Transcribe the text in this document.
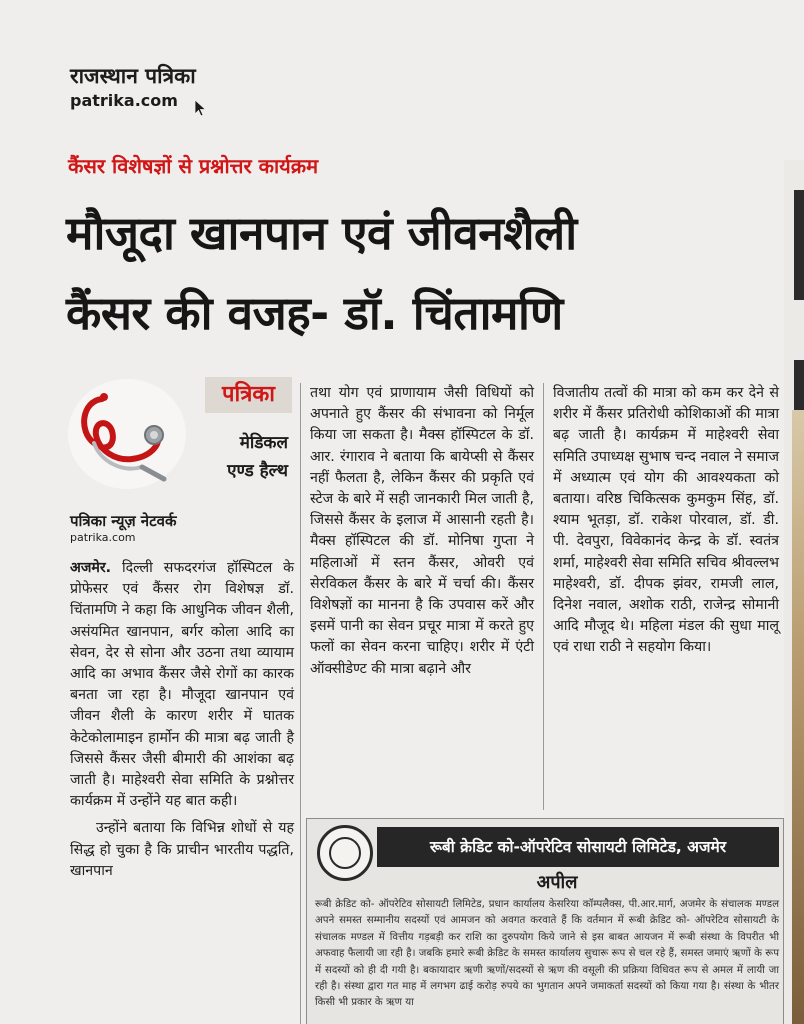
राजस्थान पत्रिका
patrika.com
कैंसर विशेषज्ञों से प्रश्नोत्तर कार्यक्रम
मौजूदा खानपान एवं जीवनशैली
कैंसर की वजह- डॉ. चिंतामणि
पत्रिका
मेडिकल
एण्ड हैल्थ
पत्रिका न्यूज़ नेटवर्क
patrika.com

अजमेर. दिल्ली सफदरगंज हॉस्पिटल के प्रोफेसर एवं कैंसर रोग विशेषज्ञ डॉ. चिंतामणि ने कहा कि आधुनिक जीवन शैली, असंयमित खानपान, बर्गर कोला आदि का सेवन, देर से सोना और उठना तथा व्यायाम आदि का अभाव कैंसर जैसे रोगों का कारक बनता जा रहा है। मौजूदा खानपान एवं जीवन शैली के कारण शरीर में घातक केटेकोलामाइन हार्मोन की मात्रा बढ़ जाती है जिससे कैंसर जैसी बीमारी की आशंका बढ़ जाती है। माहेश्वरी सेवा समिति के प्रश्नोत्तर कार्यक्रम में उन्होंने यह बात कही।

उन्होंने बताया कि विभिन्न शोधों से यह सिद्ध हो चुका है कि प्राचीन भारतीय पद्धति, खानपान

तथा योग एवं प्राणायाम जैसी विधियों को अपनाते हुए कैंसर की संभावना को निर्मूल किया जा सकता है। मैक्स हॉस्पिटल के डॉ. आर. रंगाराव ने बताया कि बायेप्सी से कैंसर नहीं फैलता है, लेकिन कैंसर की प्रकृति एवं स्टेज के बारे में सही जानकारी मिल जाती है, जिससे कैंसर के इलाज में आसानी रहती है। मैक्स हॉस्पिटल की डॉ. मोनिषा गुप्ता ने महिलाओं में स्तन कैंसर, ओवरी एवं सेरविकल कैंसर के बारे में चर्चा की। कैंसर विशेषज्ञों का मानना है कि उपवास करें और इसमें पानी का सेवन प्रचूर मात्रा में करते हुए फलों का सेवन करना चाहिए। शरीर में एंटी ऑक्सीडेण्ट की मात्रा बढ़ाने और

विजातीय तत्वों की मात्रा को कम कर देने से शरीर में कैंसर प्रतिरोधी कोशिकाओं की मात्रा बढ़ जाती है। कार्यक्रम में माहेश्वरी सेवा समिति उपाध्यक्ष सुभाष चन्द नवाल ने समाज में अध्यात्म एवं योग की आवश्यकता को बताया। वरिष्ठ चिकित्सक कुमकुम सिंह, डॉ. श्याम भूतड़ा, डॉ. राकेश पोरवाल, डॉ. डी. पी. देवपुरा, विवेकानंद केन्द्र के डॉ. स्वतंत्र शर्मा, माहेश्वरी सेवा समिति सचिव श्रीवल्लभ माहेश्वरी, डॉ. दीपक झंवर, रामजी लाल, दिनेश नवाल, अशोक राठी, राजेन्द्र सोमानी आदि मौजूद थे। महिला मंडल की सुधा मालू एवं राधा राठी ने सहयोग किया।

रूबी क्रेडिट को-ऑपरेटिव सोसायटी लिमिटेड, अजमेर
अपील
रूबी क्रेडिट को- ऑपरेटिव सोसायटी लिमिटेड, प्रधान कार्यालय केसरिया कॉम्पलैक्स, पी.आर.मार्ग, अजमेर के संचालक मण्डल अपने समस्त सम्मानीय सदस्यों एवं आमजन को अवगत करवाते हैं कि वर्तमान में रूबी क्रेडिट को- ऑपरेटिव सोसायटी के संचालक मण्डल में वित्तीय गड़बड़ी कर राशि का दुरुपयोग किये जाने से इस बाबत आयजन में रूबी संस्था के विपरीत भी अफवाह फैलायी जा रही है। जबकि हमारे रूबी क्रेडिट के समस्त कार्यालय सुचारू रूप से चल रहे हैं, समस्त जमाएं ऋणों के रूप में सदस्यों को ही दी गयी है। बकायादार ऋणी ऋणों/सदस्यों से ऋण की वसूली की प्रक्रिया विधिवत रूप से अमल में लायी जा रही है। संस्था द्वारा गत माह में लगभग ढाई करोड़ रुपये का भुगतान अपने जमाकर्ता सदस्यों को किया गया है। संस्था के भीतर किसी भी प्रकार के ऋण या
